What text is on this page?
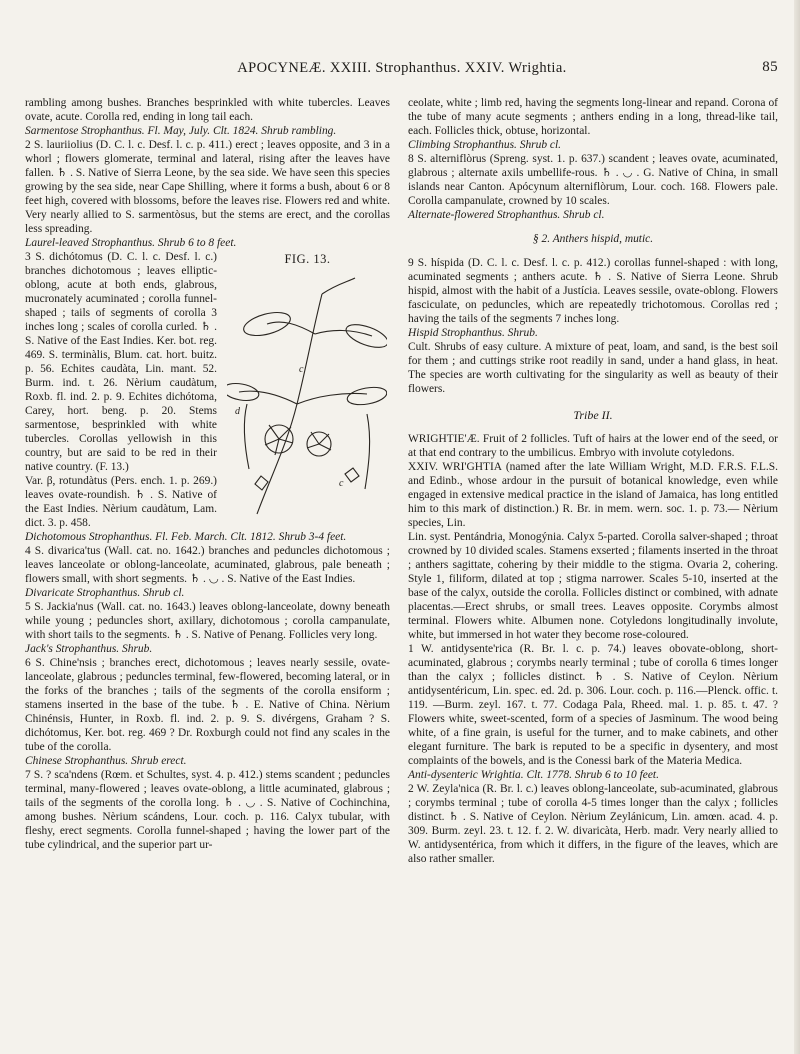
APOCYNEÆ. XXIII. Strophanthus. XXIV. Wrightia.	85

rambling among bushes. Branches besprinkled with white tubercles. Leaves ovate, acute. Corolla red, ending in long tail each.

Sarmentose Strophanthus. Fl. May, July. Clt. 1824. Shrub rambling.

2 S. lauriiolius (D. C. l. c. Desf. l. c. p. 411.) erect ; leaves opposite, and 3 in a whorl ; flowers glomerate, terminal and lateral, rising after the leaves have fallen. ♄ . S. Native of Sierra Leone, by the sea side. We have seen this species growing by the sea side, near Cape Shilling, where it forms a bush, about 6 or 8 feet high, covered with blossoms, before the leaves rise. Flowers red and white. Very nearly allied to S. sarmentòsus, but the stems are erect, and the corollas less spreading.

Laurel-leaved Strophanthus. Shrub 6 to 8 feet.

FIG. 13.
d
c
c

3 S. dichótomus (D. C. l. c. Desf. l. c.) branches dichotomous ; leaves elliptic-oblong, acute at both ends, glabrous, mucronately acuminated ; corolla funnel-shaped ; tails of segments of corolla 3 inches long ; scales of corolla curled. ♄ . S. Native of the East Indies. Ker. bot. reg. 469. S. terminàlis, Blum. cat. hort. buitz. p. 56. Echites caudàta, Lin. mant. 52. Burm. ind. t. 26. Nèrium caudàtum, Roxb. fl. ind. 2. p. 9. Echites dichótoma, Carey, hort. beng. p. 20. Stems sarmentose, besprinkled with white tubercles. Corollas yellowish in this country, but are said to be red in their native country. (F. 13.)

Var. β, rotundàtus (Pers. ench. 1. p. 269.) leaves ovate-roundish. ♄ . S. Native of the East Indies. Nèrium caudàtum, Lam. dict. 3. p. 458.

Dichotomous Strophanthus. Fl. Feb. March. Clt. 1812. Shrub 3-4 feet.

4 S. divarica'tus (Wall. cat. no. 1642.) branches and peduncles dichotomous ; leaves lanceolate or oblong-lanceolate, acuminated, glabrous, pale beneath ; flowers small, with short segments. ♄ . ◡ . S. Native of the East Indies.

Divaricate Strophanthus. Shrub cl.

5 S. Jackia'nus (Wall. cat. no. 1643.) leaves oblong-lanceolate, downy beneath while young ; peduncles short, axillary, dichotomous ; corolla campanulate, with short tails to the segments. ♄ . S. Native of Penang. Follicles very long.

Jack's Strophanthus. Shrub.

6 S. Chine'nsis ; branches erect, dichotomous ; leaves nearly sessile, ovate-lanceolate, glabrous ; peduncles terminal, few-flowered, becoming lateral, or in the forks of the branches ; tails of the segments of the corolla ensiform ; stamens inserted in the base of the tube. ♄ . E. Native of China. Nèrium Chinénsis, Hunter, in Roxb. fl. ind. 2. p. 9. S. divérgens, Graham ? S. dichótomus, Ker. bot. reg. 469 ? Dr. Roxburgh could not find any scales in the tube of the corolla.

Chinese Strophanthus. Shrub erect.

7 S. ? sca'ndens (Rœm. et Schultes, syst. 4. p. 412.) stems scandent ; peduncles terminal, many-flowered ; leaves ovate-oblong, a little acuminated, glabrous ; tails of the segments of the corolla long. ♄ . ◡ . S. Native of Cochinchina, among bushes. Nèrium scándens, Lour. coch. p. 116. Calyx tubular, with fleshy, erect segments. Corolla funnel-shaped ; having the lower part of the tube cylindrical, and the superior part ur-

ceolate, white ; limb red, having the segments long-linear and repand. Corona of the tube of many acute segments ; anthers ending in a long, thread-like tail, each. Follicles thick, obtuse, horizontal.

Climbing Strophanthus. Shrub cl.

8 S. alterniflòrus (Spreng. syst. 1. p. 637.) scandent ; leaves ovate, acuminated, glabrous ; alternate axils umbellife-rous. ♄ . ◡ . G. Native of China, in small islands near Canton. Apócynum alterniflòrum, Lour. coch. 168. Flowers pale. Corolla campanulate, crowned by 10 scales.

Alternate-flowered Strophanthus. Shrub cl.

§ 2. Anthers hispid, mutic.

9 S. híspida (D. C. l. c. Desf. l. c. p. 412.) corollas funnel-shaped : with long, acuminated segments ; anthers acute. ♄ . S. Native of Sierra Leone. Shrub hispid, almost with the habit of a Justícia. Leaves sessile, ovate-oblong. Flowers fasciculate, on peduncles, which are repeatedly trichotomous. Corollas red ; having the tails of the segments 7 inches long.

Hispid Strophanthus. Shrub.

Cult. Shrubs of easy culture. A mixture of peat, loam, and sand, is the best soil for them ; and cuttings strike root readily in sand, under a hand glass, in heat. The species are worth cultivating for the singularity as well as beauty of their flowers.

Tribe II.

WRIGHTIE'Æ. Fruit of 2 follicles. Tuft of hairs at the lower end of the seed, or at that end contrary to the umbilicus. Embryo with involute cotyledons.

XXIV. WRI'GHTIA (named after the late William Wright, M.D. F.R.S. F.L.S. and Edinb., whose ardour in the pursuit of botanical knowledge, even while engaged in extensive medical practice in the island of Jamaica, has long entitled him to this mark of distinction.) R. Br. in mem. wern. soc. 1. p. 73.— Nèrium species, Lin.

Lin. syst. Pentándria, Monogýnia. Calyx 5-parted. Corolla salver-shaped ; throat crowned by 10 divided scales. Stamens exserted ; filaments inserted in the throat ; anthers sagittate, cohering by their middle to the stigma. Ovaria 2, cohering. Style 1, filiform, dilated at top ; stigma narrower. Scales 5-10, inserted at the base of the calyx, outside the corolla. Follicles distinct or combined, with adnate placentas.—Erect shrubs, or small trees. Leaves opposite. Corymbs almost terminal. Flowers white. Albumen none. Cotyledons longitudinally involute, white, but immersed in hot water they become rose-coloured.

1 W. antidysente'rica (R. Br. l. c. p. 74.) leaves obovate-oblong, short-acuminated, glabrous ; corymbs nearly terminal ; tube of corolla 6 times longer than the calyx ; follicles distinct. ♄ . S. Native of Ceylon. Nèrium antidysentéricum, Lin. spec. ed. 2d. p. 306. Lour. coch. p. 116.—Plenck. offic. t. 119. —Burm. zeyl. 167. t. 77. Codaga Pala, Rheed. mal. 1. p. 85. t. 47. ? Flowers white, sweet-scented, form of a species of Jasmìnum. The wood being white, of a fine grain, is useful for the turner, and to make cabinets, and other elegant furniture. The bark is reputed to be a specific in dysentery, and most complaints of the bowels, and is the Conessi bark of the Materia Medica.

Anti-dysenteric Wrightia. Clt. 1778. Shrub 6 to 10 feet.

2 W. Zeyla'nica (R. Br. l. c.) leaves oblong-lanceolate, sub-acuminated, glabrous ; corymbs terminal ; tube of corolla 4-5 times longer than the calyx ; follicles distinct. ♄ . S. Native of Ceylon. Nèrium Zeylánicum, Lin. amœn. acad. 4. p. 309. Burm. zeyl. 23. t. 12. f. 2. W. divaricàta, Herb. madr. Very nearly allied to W. antidysentérica, from which it differs, in the figure of the leaves, which are also rather smaller.
